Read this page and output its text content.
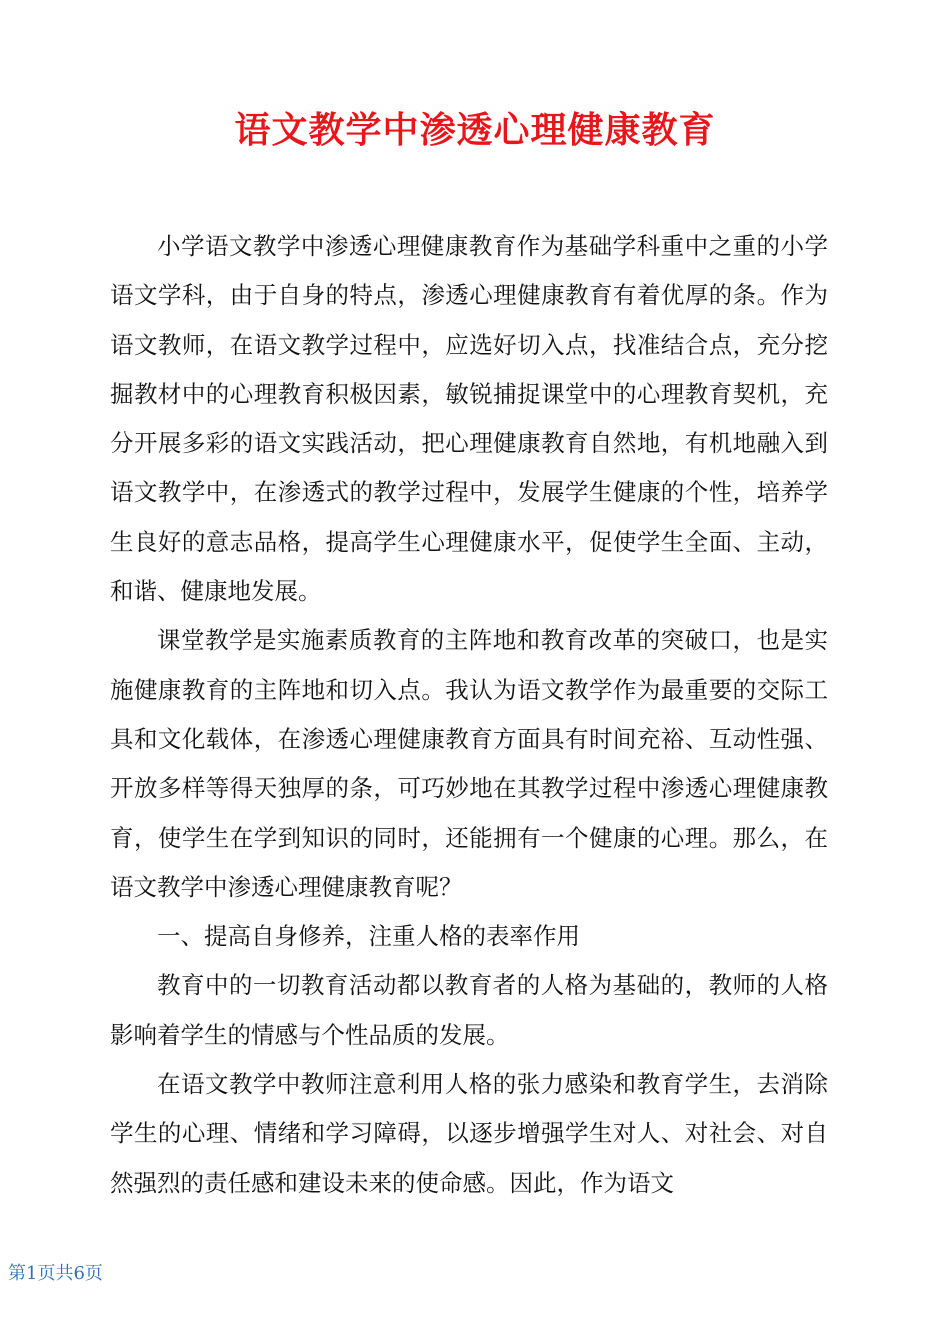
语文教学中渗透心理健康教育

小学语文教学中渗透心理健康教育作为基础学科重中之重的小学语文学科，由于自身的特点，渗透心理健康教育有着优厚的条。作为语文教师，在语文教学过程中，应选好切入点，找准结合点，充分挖掘教材中的心理教育积极因素，敏锐捕捉课堂中的心理教育契机，充分开展多彩的语文实践活动，把心理健康教育自然地，有机地融入到语文教学中，在渗透式的教学过程中，发展学生健康的个性，培养学生良好的意志品格，提高学生心理健康水平，促使学生全面、主动，和谐、健康地发展。

课堂教学是实施素质教育的主阵地和教育改革的突破口，也是实施健康教育的主阵地和切入点。我认为语文教学作为最重要的交际工具和文化载体，在渗透心理健康教育方面具有时间充裕、互动性强、开放多样等得天独厚的条，可巧妙地在其教学过程中渗透心理健康教育，使学生在学到知识的同时，还能拥有一个健康的心理。那么，在语文教学中渗透心理健康教育呢？

一、提高自身修养，注重人格的表率作用

教育中的一切教育活动都以教育者的人格为基础的，教师的人格影响着学生的情感与个性品质的发展。

在语文教学中教师注意利用人格的张力感染和教育学生，去消除学生的心理、情绪和学习障碍，以逐步增强学生对人、对社会、对自然强烈的责任感和建设未来的使命感。因此，作为语文

第1页共6页
